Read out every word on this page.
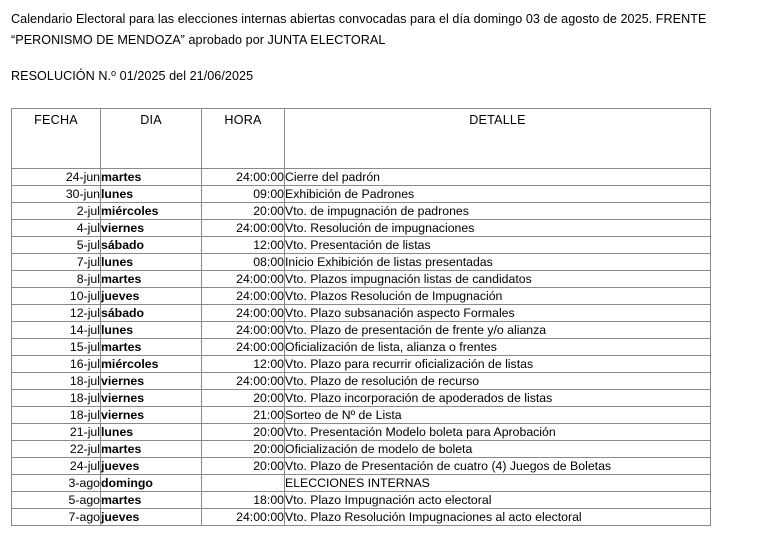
Calendario Electoral para las elecciones internas abiertas convocadas para el día domingo 03 de agosto de 2025. FRENTE “PERONISMO DE MENDOZA” aprobado por JUNTA ELECTORAL

RESOLUCIÓN N.$^o$ 01/2025 del 21/06/2025

FECHA	DIA	HORA	DETALLE
24-jun	martes	24:00:00	Cierre del padrón
30-jun	lunes	09:00	Exhibición de Padrones
2-jul	miércoles	20:00	Vto. de impugnación de padrones
4-jul	viernes	24:00:00	Vto. Resolución de impugnaciones
5-jul	sábado	12:00	Vto. Presentación de listas
7-jul	lunes	08:00	Inicio Exhibición de listas presentadas
8-jul	martes	24:00:00	Vto. Plazos impugnación listas de candidatos
10-jul	jueves	24:00:00	Vto. Plazos Resolución de Impugnación
12-jul	sábado	24:00:00	Vto. Plazo subsanación aspecto Formales
14-jul	lunes	24:00:00	Vto. Plazo de presentación de frente y/o alianza
15-jul	martes	24:00:00	Oficialización de lista, alianza o frentes
16-jul	miércoles	12:00	Vto. Plazo para recurrir oficialización de listas
18-jul	viernes	24:00:00	Vto. Plazo de resolución de recurso
18-jul	viernes	20:00	Vto. Plazo incorporación de apoderados de listas
18-jul	viernes	21:00	Sorteo de Nº de Lista
21-jul	lunes	20:00	Vto. Presentación Modelo boleta para Aprobación
22-jul	martes	20:00	Oficialización de modelo de boleta
24-jul	jueves	20:00	Vto. Plazo de Presentación de cuatro (4) Juegos de Boletas
3-ago	domingo		ELECCIONES INTERNAS
5-ago	martes	18:00	Vto. Plazo Impugnación acto electoral
7-ago	jueves	24:00:00	Vto. Plazo Resolución Impugnaciones al acto electoral
